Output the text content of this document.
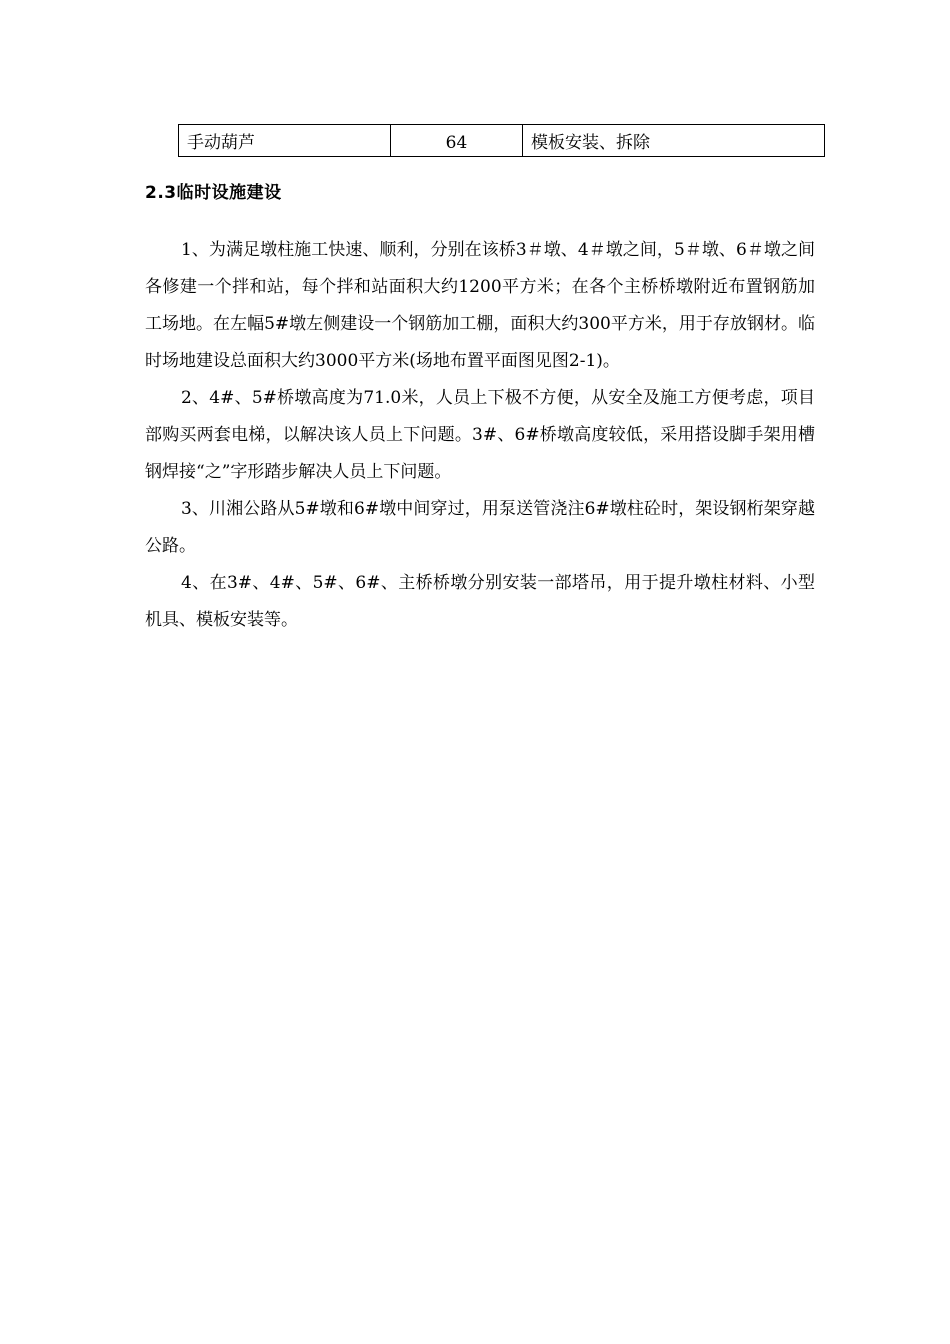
手动葫芦	64	模板安装、拆除
2.3临时设施建设

1、为满足墩柱施工快速、顺利，分别在该桥3＃墩、4＃墩之间，5＃墩、6＃墩之间各修建一个拌和站，每个拌和站面积大约1200平方米；在各个主桥桥墩附近布置钢筋加工场地。在左幅5#墩左侧建设一个钢筋加工棚，面积大约300平方米，用于存放钢材。临时场地建设总面积大约3000平方米(场地布置平面图见图2-1)。

2、4#、5#桥墩高度为71.0米，人员上下极不方便，从安全及施工方便考虑，项目部购买两套电梯，以解决该人员上下问题。3#、6#桥墩高度较低，采用搭设脚手架用槽钢焊接“之”字形踏步解决人员上下问题。

3、川湘公路从5#墩和6#墩中间穿过，用泵送管浇注6#墩柱砼时，架设钢桁架穿越公路。

4、在3#、4#、5#、6#、主桥桥墩分别安装一部塔吊，用于提升墩柱材料、小型机具、模板安装等。
